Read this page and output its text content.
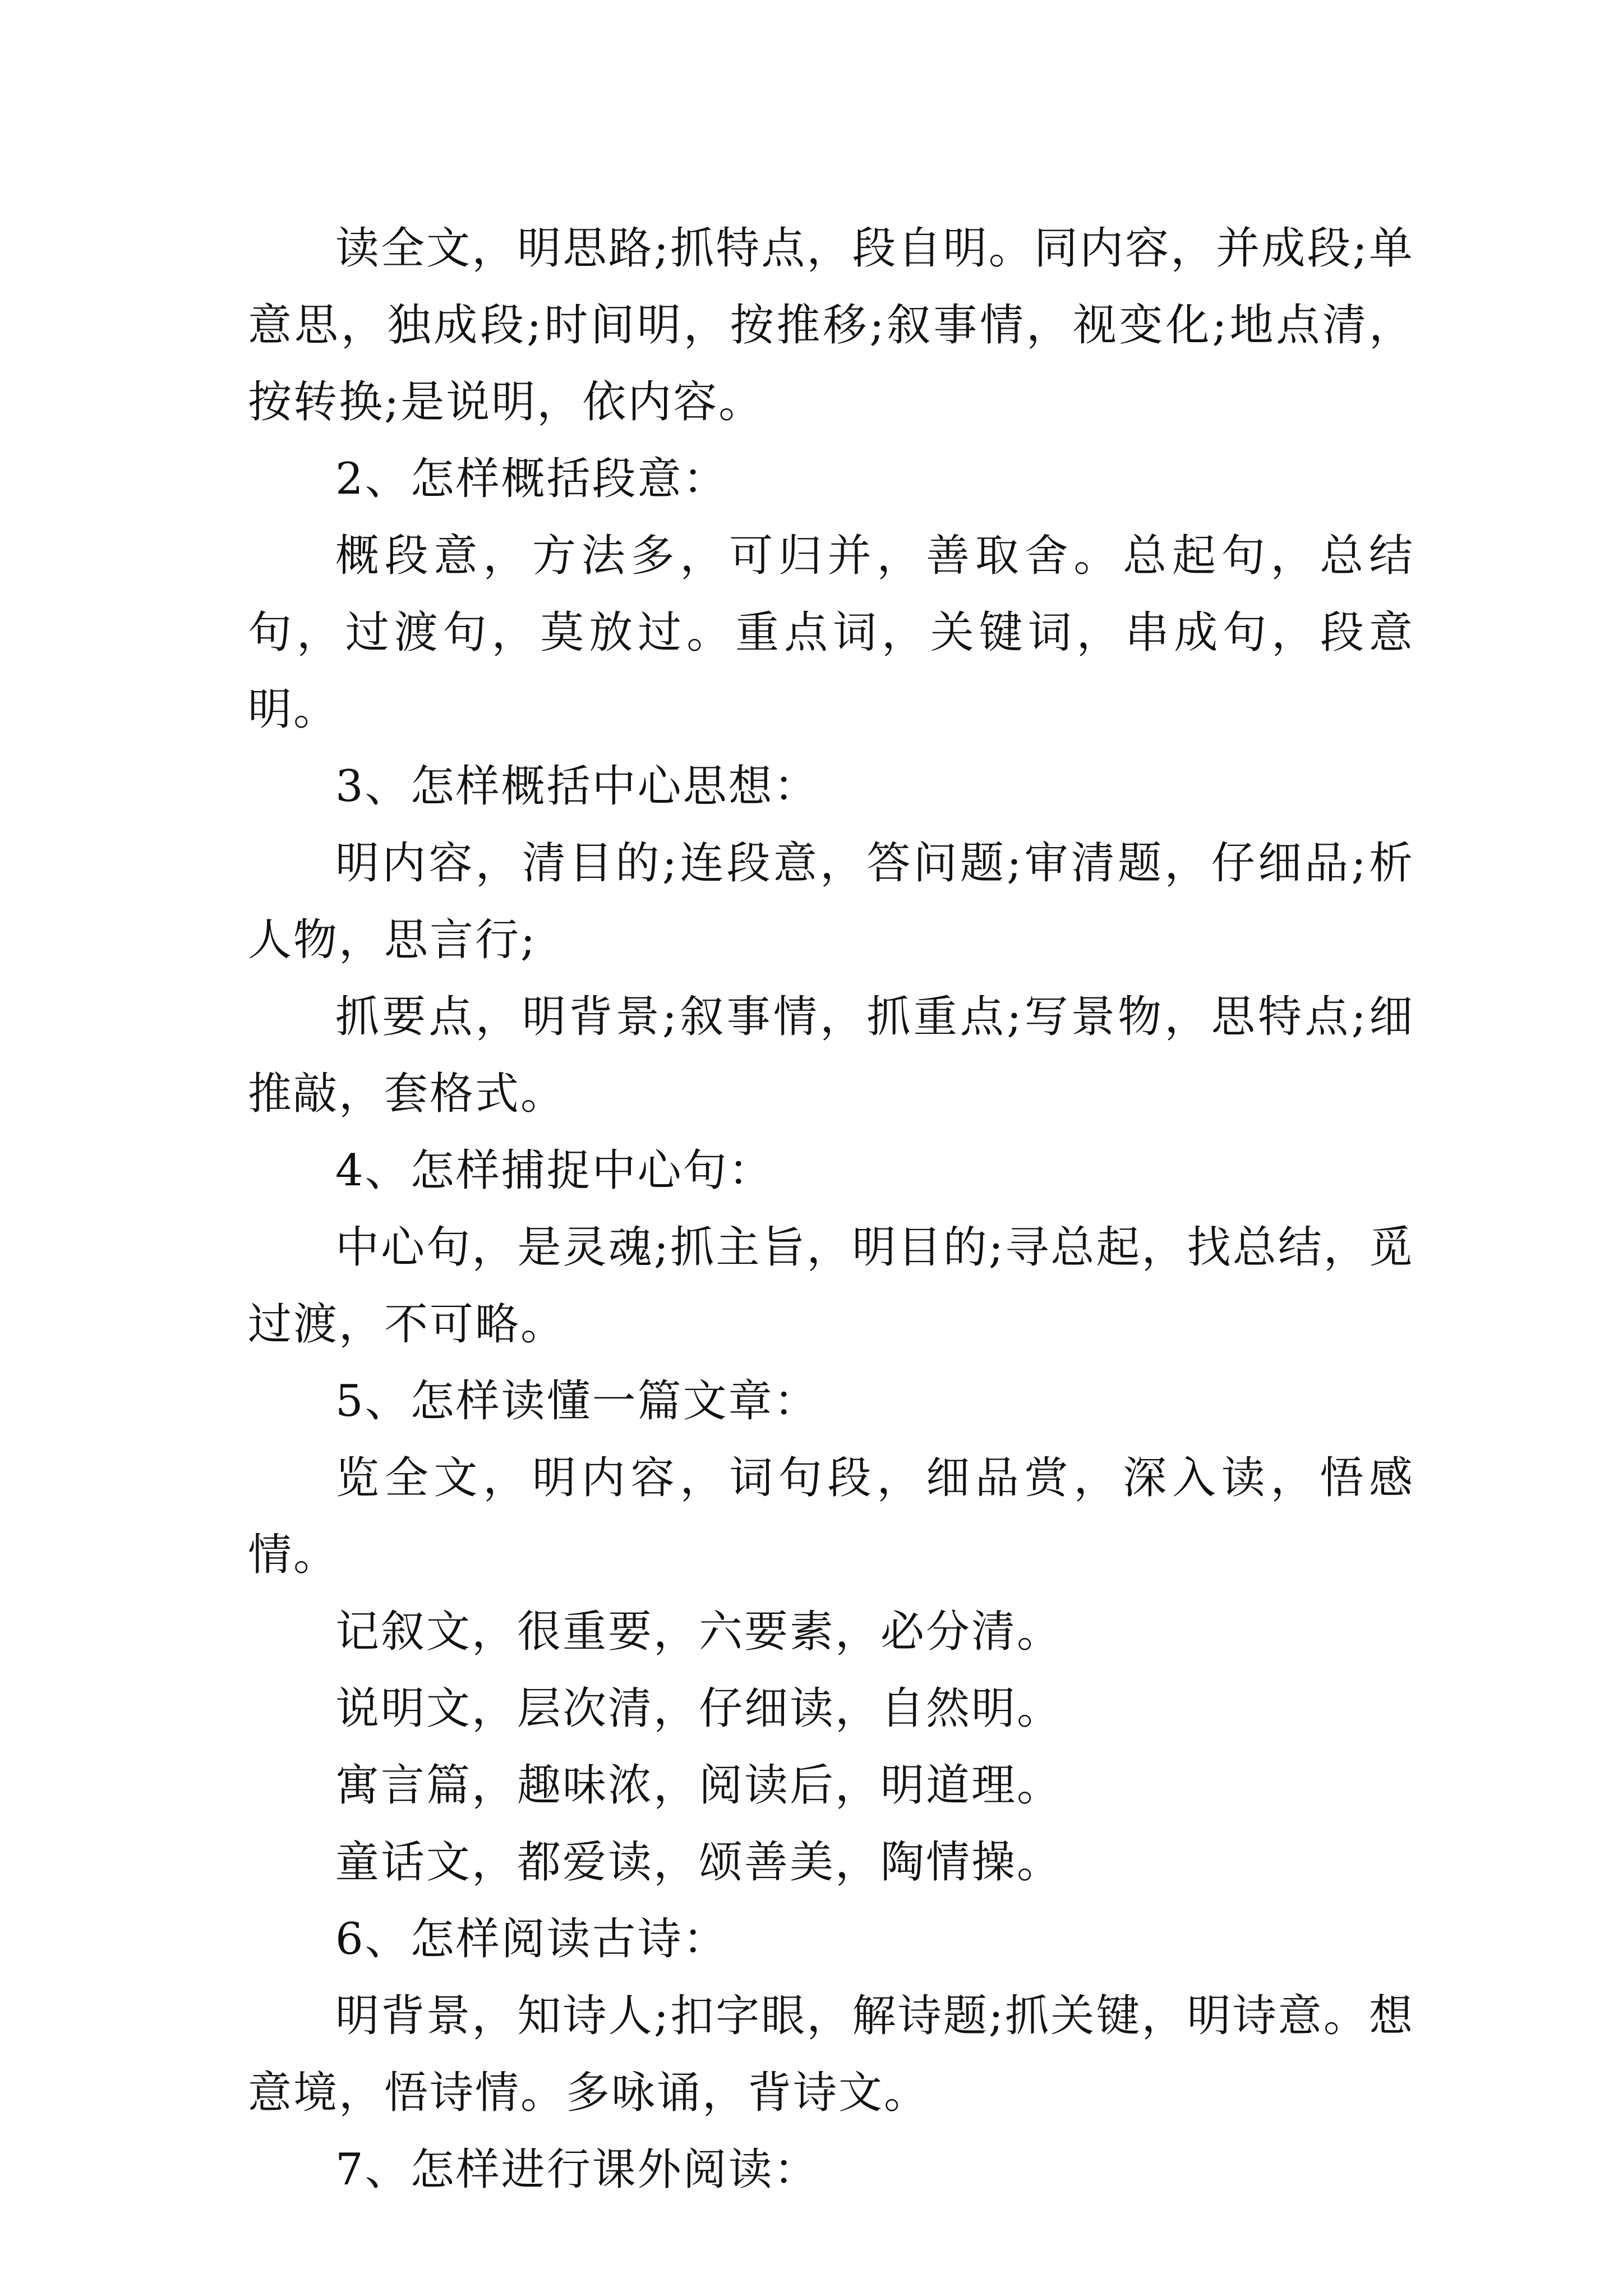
读全文，明思路;抓特点，段自明。同内容，并成段;单意思，独成段;时间明，按推移;叙事情，视变化;地点清，按转换;是说明，依内容。

2、怎样概括段意：

概段意，方法多，可归并，善取舍。总起句，总结句，过渡句，莫放过。重点词，关键词，串成句，段意明。

3、怎样概括中心思想：

明内容，清目的;连段意，答问题;审清题，仔细品;析人物，思言行;

抓要点，明背景;叙事情，抓重点;写景物，思特点;细推敲，套格式。

4、怎样捕捉中心句：

中心句，是灵魂;抓主旨，明目的;寻总起，找总结，觅过渡，不可略。

5、怎样读懂一篇文章：

览全文，明内容，词句段，细品赏，深入读，悟感情。

记叙文，很重要，六要素，必分清。

说明文，层次清，仔细读，自然明。

寓言篇，趣味浓，阅读后，明道理。

童话文，都爱读，颂善美，陶情操。

6、怎样阅读古诗：

明背景，知诗人;扣字眼，解诗题;抓关键，明诗意。想意境，悟诗情。多咏诵，背诗文。

7、怎样进行课外阅读：
